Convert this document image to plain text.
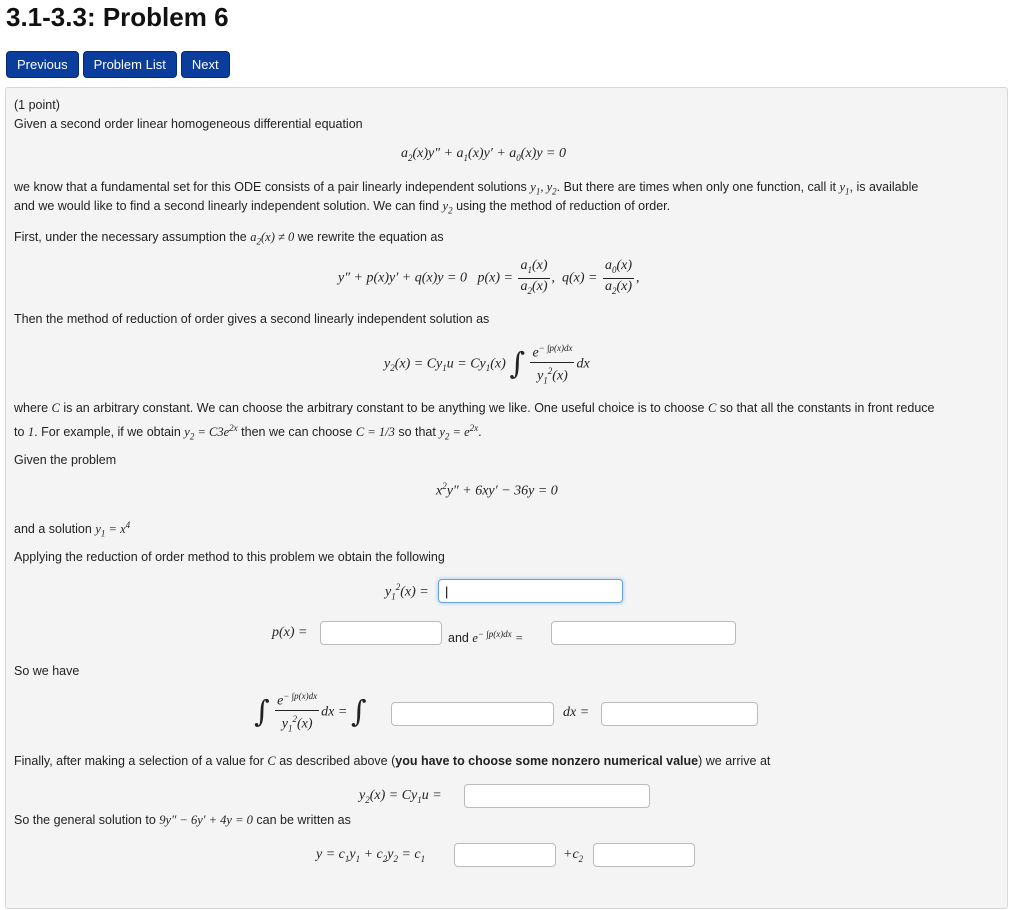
3.1-3.3: Problem 6
Previous	Problem List	Next
(1 point)
Given a second order linear homogeneous differential equation
$a_2(x)y'' + a_1(x)y' + a_0(x)y = 0$
we know that a fundamental set for this ODE consists of a pair linearly independent solutions $y_1$, $y_2$. But there are times when only one function, call it $y_1$, is available
and we would like to find a second linearly independent solution. We can find $y_2$ using the method of reduction of order.
First, under the necessary assumption the $a_2(x) \ne 0$ we rewrite the equation as
y″ + p(x)y′ + q(x)y = 0   $p(x) = \frac{a_1(x)}{a_2(x)}$ ,  $q(x) = \frac{a_0(x)}{a_2(x)}$ ,
Then the method of reduction of order gives a second linearly independent solution as
$y_2(x) = Cy_1u = Cy_1(x)$ ∫ $\frac{e^{- \int p(x)dx}}{y_1^2(x)}$ dx
where C is an arbitrary constant. We can choose the arbitrary constant to be anything we like. One useful choice is to choose C so that all the constants in front reduce
to 1. For example, if we obtain $y_2 = C3e^{2x}$ then we can choose C = 1/3 so that $y_2 = e^{2x}$.
Given the problem
$x^2y'' + 6xy' - 36y = 0$
and a solution $y_1 = x^4$
Applying the reduction of order method to this problem we obtain the following
$y_1^2(x)$ =
|
p(x) =	and $e^{- \int p(x)dx}$ =
So we have
∫ $\frac{e^{- \int p(x)dx}}{y_1^2(x)}$ dx = ∫	dx =
Finally, after making a selection of a value for C as described above (you have to choose some nonzero numerical value) we arrive at
$y_2(x) = Cy_1u$ =
So the general solution to 9y″ − 6y′ + 4y = 0 can be written as
$y = c_1y_1 + c_2y_2 = c_1$	$+c_2$
